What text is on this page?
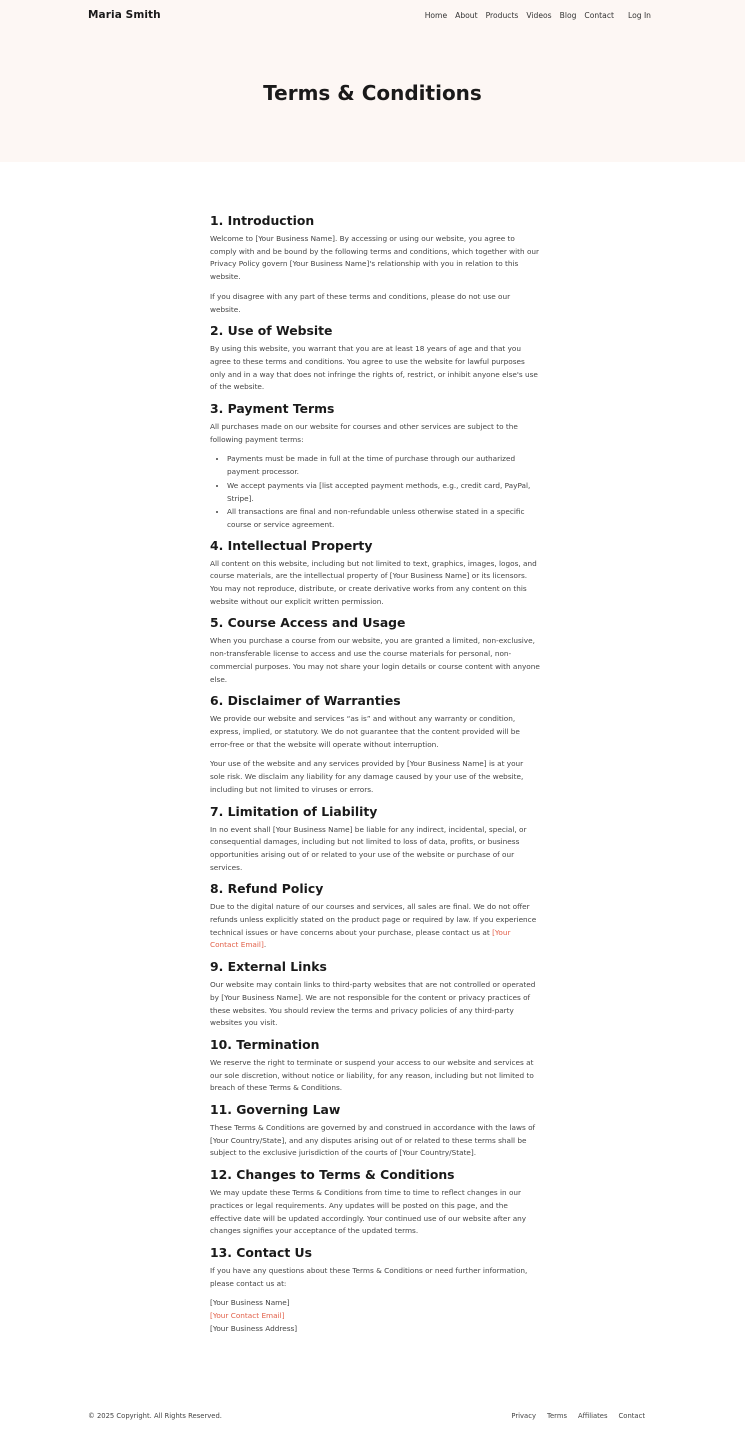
Maria Smith	Home About Products Videos Blog Contact Log In
Terms & Conditions
1. Introduction

Welcome to [Your Business Name]. By accessing or using our website, you agree to comply with and be bound by the following terms and conditions, which together with our Privacy Policy govern [Your Business Name]'s relationship with you in relation to this website.

If you disagree with any part of these terms and conditions, please do not use our website.

2. Use of Website

By using this website, you warrant that you are at least 18 years of age and that you agree to these terms and conditions. You agree to use the website for lawful purposes only and in a way that does not infringe the rights of, restrict, or inhibit anyone else's use of the website.

3. Payment Terms

All purchases made on our website for courses and other services are subject to the following payment terms:

• Payments must be made in full at the time of purchase through our autharized payment processor.
• We accept payments via [list accepted payment methods, e.g., credit card, PayPal, Stripe].
• All transactions are final and non-refundable unless otherwise stated in a specific course or service agreement.
4. Intellectual Property

All content on this website, including but not limited to text, graphics, images, logos, and course materials, are the intellectual property of [Your Business Name] or its licensors. You may not reproduce, distribute, or create derivative works from any content on this website without our explicit written permission.

5. Course Access and Usage

When you purchase a course from our website, you are granted a limited, non-exclusive, non-transferable license to access and use the course materials for personal, non-commercial purposes. You may not share your login details or course content with anyone else.

6. Disclaimer of Warranties

We provide our website and services “as is” and without any warranty or condition, express, implied, or statutory. We do not guarantee that the content provided will be error-free or that the website will operate without interruption.

Your use of the website and any services provided by [Your Business Name] is at your sole risk. We disclaim any liability for any damage caused by your use of the website, including but not limited to viruses or errors.

7. Limitation of Liability

In no event shall [Your Business Name] be liable for any indirect, incidental, special, or consequential damages, including but not limited to loss of data, profits, or business opportunities arising out of or related to your use of the website or purchase of our services.

8. Refund Policy

Due to the digital nature of our courses and services, all sales are final. We do not offer refunds unless explicitly stated on the product page or required by law. If you experience technical issues or have concerns about your purchase, please contact us at [Your Contact Email].

9. External Links

Our website may contain links to third-party websites that are not controlled or operated by [Your Business Name]. We are not responsible for the content or privacy practices of these websites. You should review the terms and privacy policies of any third-party websites you visit.

10. Termination

We reserve the right to terminate or suspend your access to our website and services at our sole discretion, without notice or liability, for any reason, including but not limited to breach of these Terms & Conditions.

11. Governing Law

These Terms & Conditions are governed by and construed in accordance with the laws of [Your Country/State], and any disputes arising out of or related to these terms shall be subject to the exclusive jurisdiction of the courts of [Your Country/State].

12. Changes to Terms & Conditions

We may update these Terms & Conditions from time to time to reflect changes in our practices or legal requirements. Any updates will be posted on this page, and the effective date will be updated accordingly. Your continued use of our website after any changes signifies your acceptance of the updated terms.

13. Contact Us

If you have any questions about these Terms & Conditions or need further information, please contact us at:

[Your Business Name]

[Your Contact Email]

[Your Business Address]

© 2025 Copyright. All Rights Reserved.	Privacy Terms Affiliates Contact
